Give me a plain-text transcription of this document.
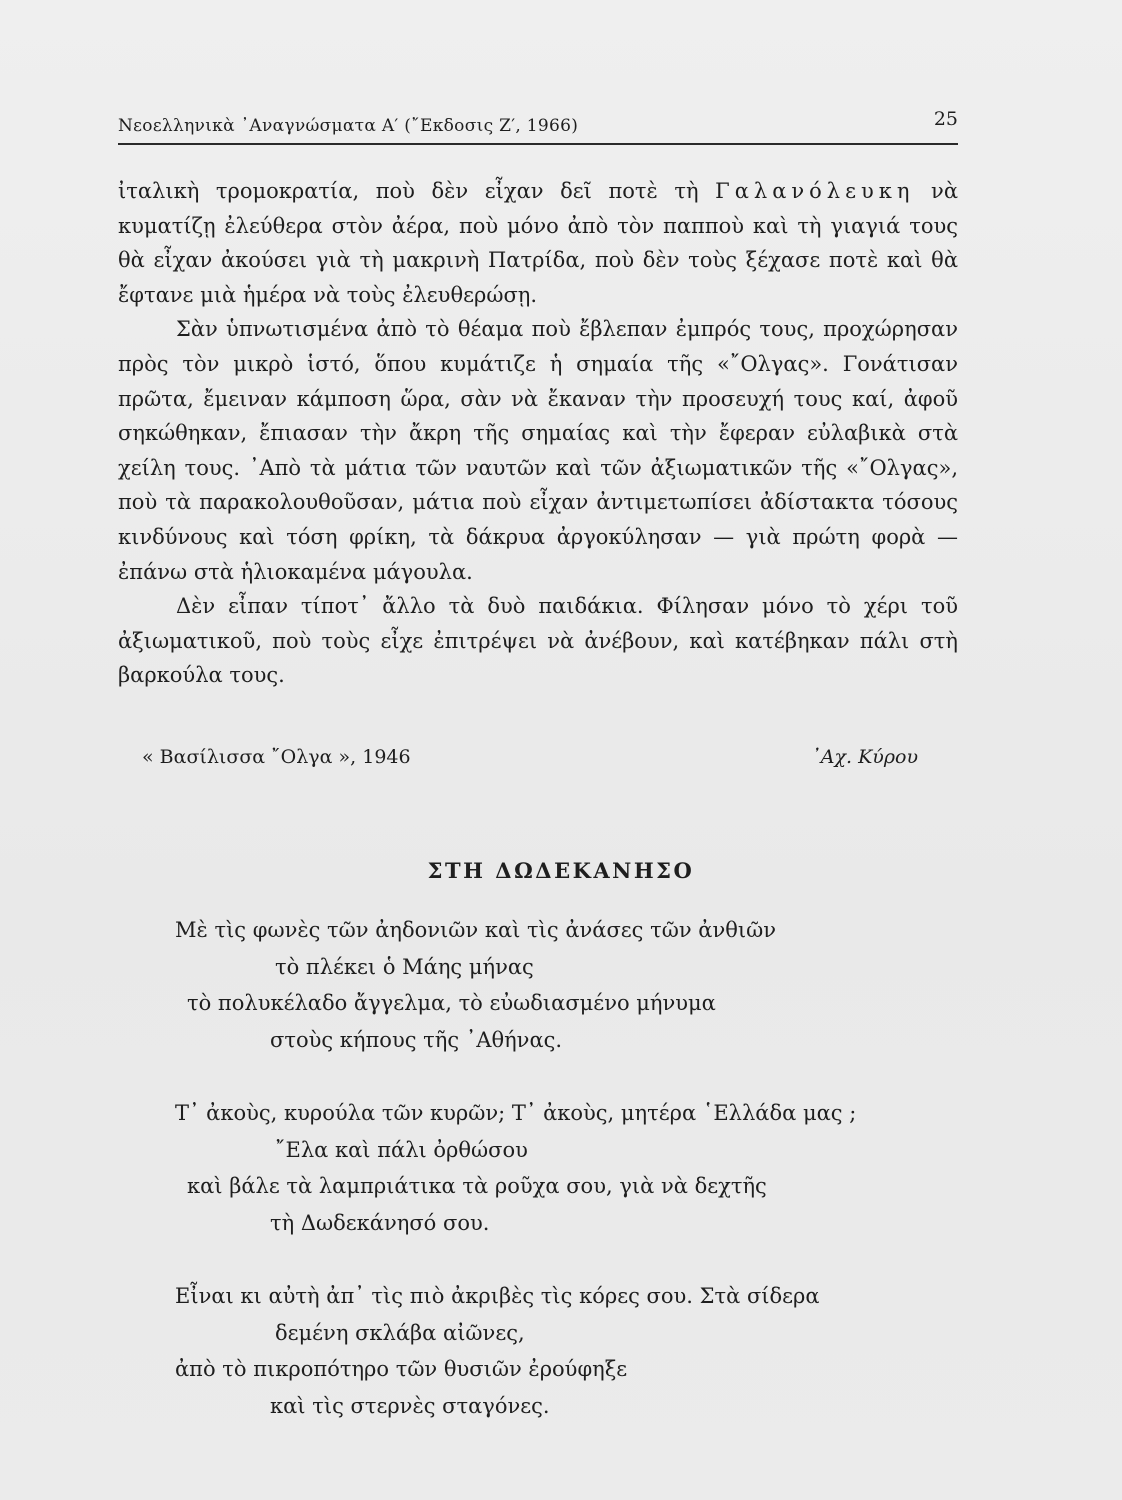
Νεοελληνικὰ ᾿Αναγνώσματα Α′ (῎Εκδοσις Ζ′, 1966)	25

ἰταλικὴ τρομοκρατία, ποὺ δὲν εἶχαν δεῖ ποτὲ τὴ Γαλανόλευκη νὰ κυματίζῃ ἐλεύθερα στὸν ἀέρα, ποὺ μόνο ἀπὸ τὸν παπποὺ καὶ τὴ γιαγιά τους θὰ εἶχαν ἀκούσει γιὰ τὴ μακρινὴ Πατρίδα, ποὺ δὲν τοὺς ξέχασε ποτὲ καὶ θὰ ἔφτανε μιὰ ἡμέρα νὰ τοὺς ἐλευθερώσῃ.

Σὰν ὑπνωτισμένα ἀπὸ τὸ θέαμα ποὺ ἔβλεπαν ἐμπρός τους, προχώρησαν πρὸς τὸν μικρὸ ἱστό, ὅπου κυμάτιζε ἡ σημαία τῆς «῎Ολγας». Γονάτισαν πρῶτα, ἔμειναν κάμποση ὥρα, σὰν νὰ ἔκαναν τὴν προσευχή τους καί, ἀφοῦ σηκώθηκαν, ἔπιασαν τὴν ἄκρη τῆς σημαίας καὶ τὴν ἔφεραν εὐλαβικὰ στὰ χείλη τους. ᾿Απὸ τὰ μάτια τῶν ναυτῶν καὶ τῶν ἀξιωματικῶν τῆς «῎Ολγας», ποὺ τὰ παρακολουθοῦσαν, μάτια ποὺ εἶχαν ἀντιμετωπίσει ἀδίστακτα τόσους κινδύνους καὶ τόση φρίκη, τὰ δάκρυα ἀργοκύλησαν — γιὰ πρώτη φορὰ — ἐπάνω στὰ ἡλιοκαμένα μάγουλα.

Δὲν εἶπαν τίποτ᾿ ἄλλο τὰ δυὸ παιδάκια. Φίλησαν μόνο τὸ χέρι τοῦ ἀξιωματικοῦ, ποὺ τοὺς εἶχε ἐπιτρέψει νὰ ἀνέβουν, καὶ κατέβηκαν πάλι στὴ βαρκούλα τους.

« Βασίλισσα ῎Ολγα », 1946	᾿Αχ. Κύρου
ΣΤΗ ΔΩΔΕΚΑΝΗΣΟ
Μὲ τὶς φωνὲς τῶν ἀηδονιῶν καὶ τὶς ἀνάσες τῶν ἀνθιῶν
τὸ πλέκει ὁ Μάης μήνας
τὸ πολυκέλαδο ἄγγελμα, τὸ εὐωδιασμένο μήνυμα
στοὺς κήπους τῆς ᾿Αθήνας.
Τ᾿ ἀκοὺς, κυρούλα τῶν κυρῶν; Τ᾿ ἀκοὺς, μητέρα ῾Ελλάδα μας ;
῎Ελα καὶ πάλι ὀρθώσου
καὶ βάλε τὰ λαμπριάτικα τὰ ροῦχα σου, γιὰ νὰ δεχτῆς
τὴ Δωδεκάνησό σου.
Εἶναι κι αὐτὴ ἀπ᾿ τὶς πιὸ ἀκριβὲς τὶς κόρες σου. Στὰ σίδερα
δεμένη σκλάβα αἰῶνες,
ἀπὸ τὸ πικροπότηρο τῶν θυσιῶν ἐρούφηξε
καὶ τὶς στερνὲς σταγόνες.
